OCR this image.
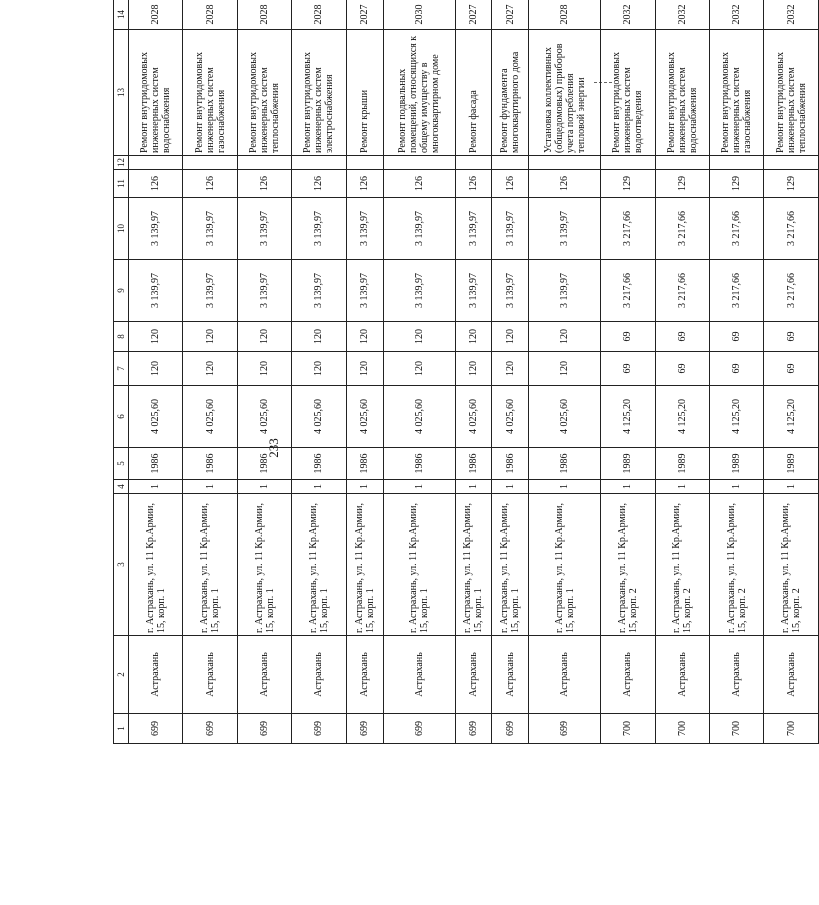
233
1	2	3	4	5	6	7	8	9	10	11	12	13	14
699	Астрахань	г. Астрахань, ул. 11 Кр.Армии, 15, корп. 1	1	1986	4 025,60	120	120	3 139,97	3 139,97	126		Ремонт внутридомовых инженерных систем водоснабжения	2028
699	Астрахань	г. Астрахань, ул. 11 Кр.Армии, 15, корп. 1	1	1986	4 025,60	120	120	3 139,97	3 139,97	126		Ремонт внутридомовых инженерных систем газоснабжения	2028
699	Астрахань	г. Астрахань, ул. 11 Кр.Армии, 15, корп. 1	1	1986	4 025,60	120	120	3 139,97	3 139,97	126		Ремонт внутридомовых инженерных систем теплоснабжения	2028
699	Астрахань	г. Астрахань, ул. 11 Кр.Армии, 15, корп. 1	1	1986	4 025,60	120	120	3 139,97	3 139,97	126		Ремонт внутридомовых инженерных систем электроснабжения	2028
699	Астрахань	г. Астрахань, ул. 11 Кр.Армии, 15, корп. 1	1	1986	4 025,60	120	120	3 139,97	3 139,97	126		Ремонт крыши	2027
699	Астрахань	г. Астрахань, ул. 11 Кр.Армии, 15, корп. 1	1	1986	4 025,60	120	120	3 139,97	3 139,97	126		Ремонт подвальных помещений, относящихся к общему имуществу в многоквартирном доме	2030
699	Астрахань	г. Астрахань, ул. 11 Кр.Армии, 15, корп. 1	1	1986	4 025,60	120	120	3 139,97	3 139,97	126		Ремонт фасада	2027
699	Астрахань	г. Астрахань, ул. 11 Кр.Армии, 15, корп. 1	1	1986	4 025,60	120	120	3 139,97	3 139,97	126		Ремонт фундамента многоквартирного дома	2027
699	Астрахань	г. Астрахань, ул. 11 Кр.Армии, 15, корп. 1	1	1986	4 025,60	120	120	3 139,97	3 139,97	126		Установка коллективных (общедомовых) приборов учета потребления тепловой энергии	2028
700	Астрахань	г. Астрахань, ул. 11 Кр.Армии, 15, корп. 2	1	1989	4 125,20	69	69	3 217,66	3 217,66	129		Ремонт внутридомовых инженерных систем водоотведения	2032
700	Астрахань	г. Астрахань, ул. 11 Кр.Армии, 15, корп. 2	1	1989	4 125,20	69	69	3 217,66	3 217,66	129		Ремонт внутридомовых инженерных систем водоснабжения	2032
700	Астрахань	г. Астрахань, ул. 11 Кр.Армии, 15, корп. 2	1	1989	4 125,20	69	69	3 217,66	3 217,66	129		Ремонт внутридомовых инженерных систем газоснабжения	2032
700	Астрахань	г. Астрахань, ул. 11 Кр.Армии, 15, корп. 2	1	1989	4 125,20	69	69	3 217,66	3 217,66	129		Ремонт внутридомовых инженерных систем теплоснабжения	2032
